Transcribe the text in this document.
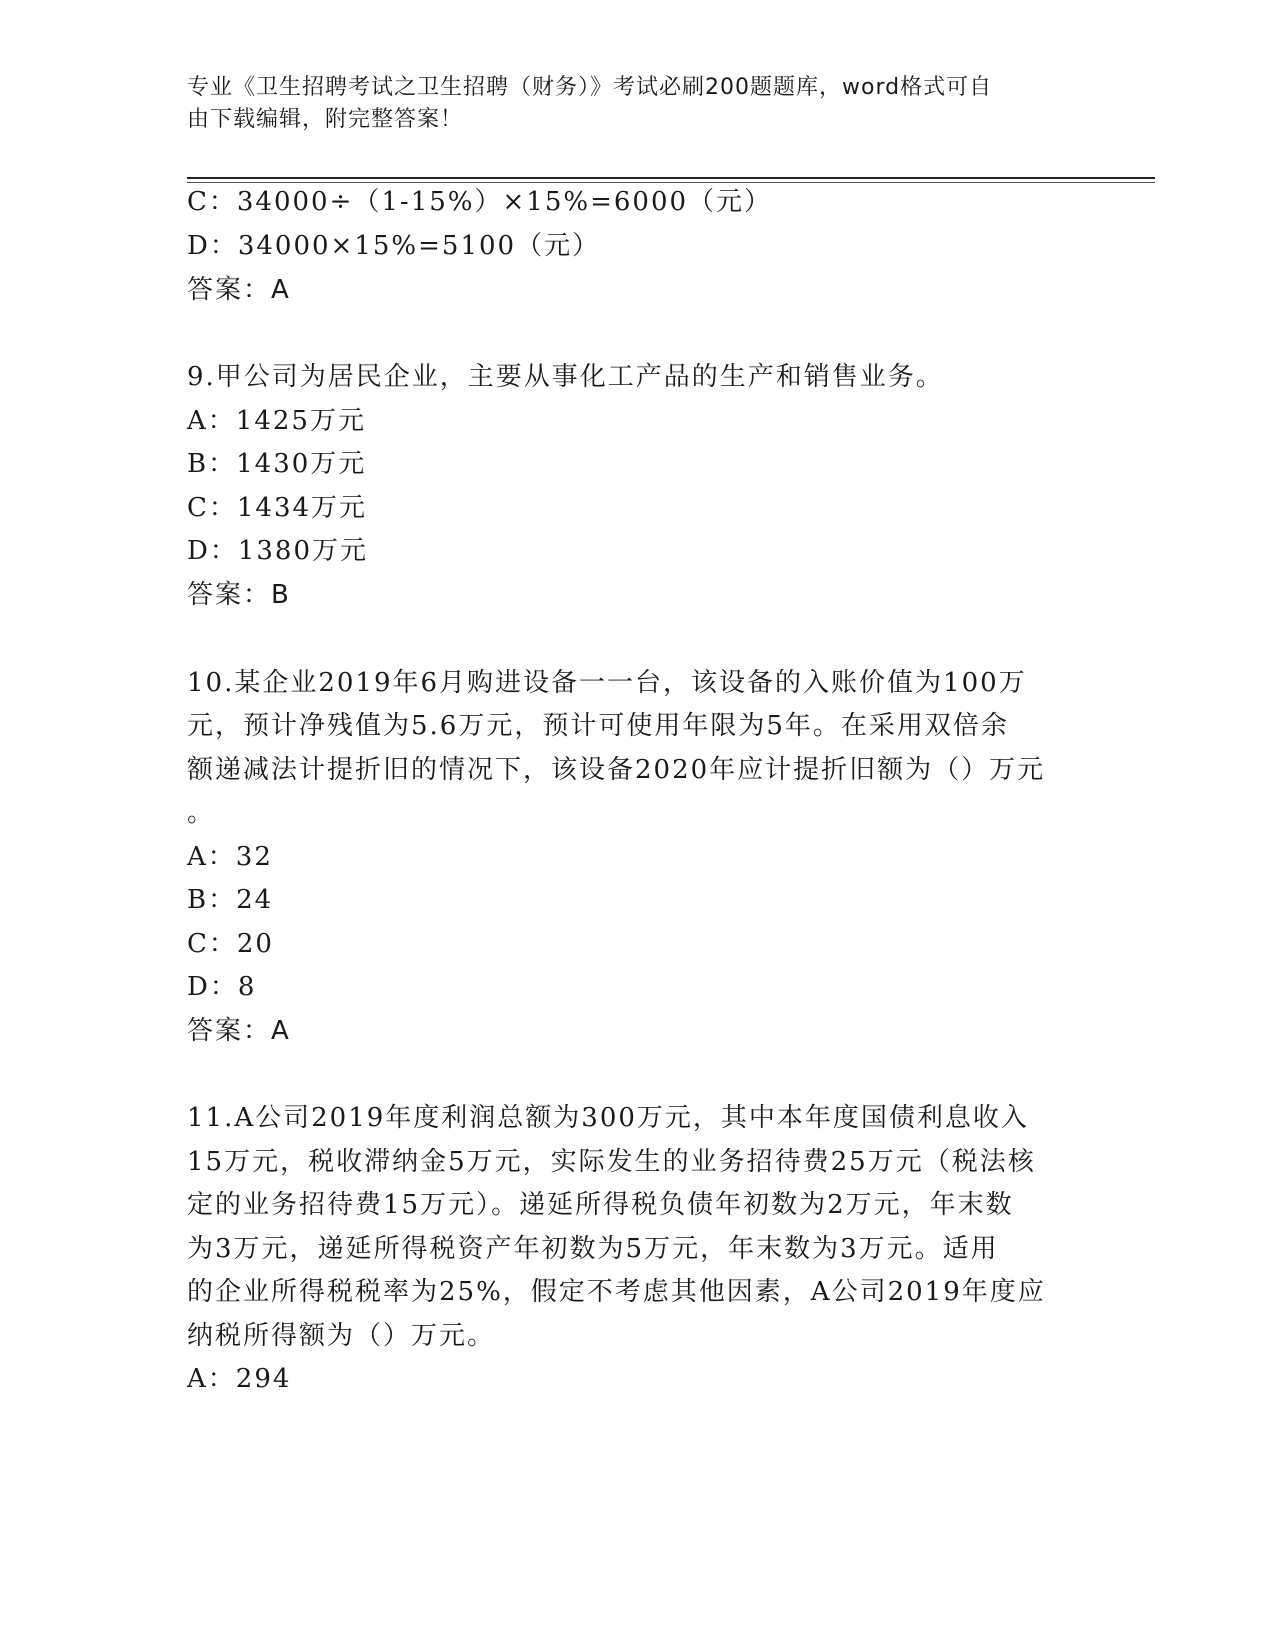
专业《卫生招聘考试之卫生招聘（财务）》考试必刷200题题库，word格式可自
由下载编辑，附完整答案！
C：34000÷（1-15%）×15%=6000（元）
D：34000×15%=5100（元）
答案：A
9.甲公司为居民企业，主要从事化工产品的生产和销售业务。
A：1425万元
B：1430万元
C：1434万元
D：1380万元
答案：B
10.某企业2019年6月购进设备一一台，该设备的入账价值为100万
元，预计净残值为5.6万元，预计可使用年限为5年。在采用双倍余
额递减法计提折旧的情况下，该设备2020年应计提折旧额为（）万元
。
A：32
B：24
C：20
D：8
答案：A
11.A公司2019年度利润总额为300万元，其中本年度国债利息收入
15万元，税收滞纳金5万元，实际发生的业务招待费25万元（税法核
定的业务招待费15万元）。递延所得税负债年初数为2万元，年末数
为3万元，递延所得税资产年初数为5万元，年末数为3万元。适用
的企业所得税税率为25%，假定不考虑其他因素，A公司2019年度应
纳税所得额为（）万元。
A：294
